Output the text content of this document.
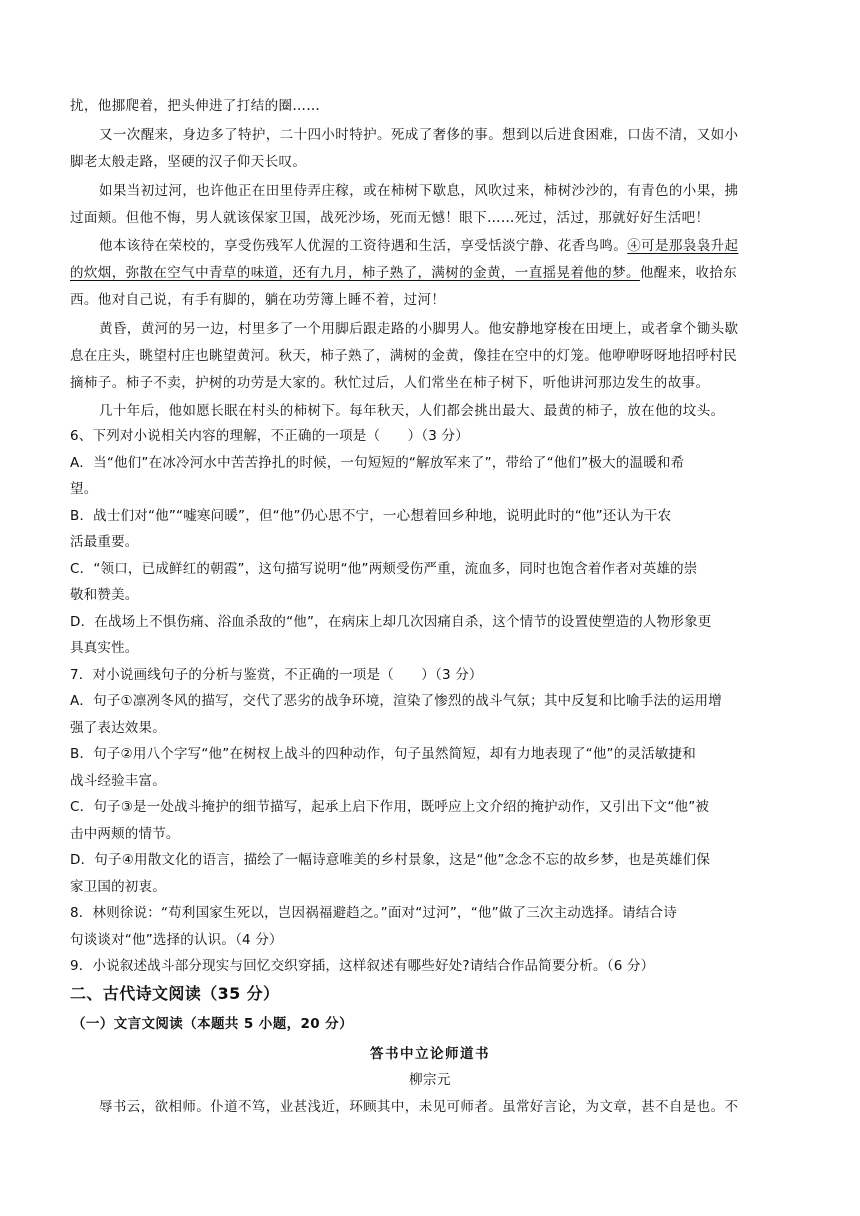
扰，他挪爬着，把头伸进了打结的圈……
又一次醒来，身边多了特护，二十四小时特护。死成了奢侈的事。想到以后进食困难，口齿不清，又如小
脚老太般走路，坚硬的汉子仰天长叹。
如果当初过河，也许他正在田里侍弄庄稼，或在柿树下歇息，风吹过来，柿树沙沙的，有青色的小果，拂
过面颊。但他不悔，男人就该保家卫国，战死沙场，死而无憾！眼下……死过，活过，那就好好生活吧！
他本该待在荣校的，享受伤残军人优渥的工资待遇和生活，享受恬淡宁静、花香鸟鸣。④可是那袅袅升起
的炊烟，弥散在空气中青草的味道，还有九月，柿子熟了，满树的金黄，一直摇晃着他的梦。他醒来，收拾东
西。他对自己说，有手有脚的，躺在功劳簿上睡不着，过河！
黄昏，黄河的另一边，村里多了一个用脚后跟走路的小脚男人。他安静地穿梭在田埂上，或者拿个锄头歇
息在庄头，眺望村庄也眺望黄河。秋天，柿子熟了，满树的金黄，像挂在空中的灯笼。他咿咿呀呀地招呼村民
摘柿子。柿子不卖，护树的功劳是大家的。秋忙过后，人们常坐在柿子树下，听他讲河那边发生的故事。
几十年后，他如愿长眠在村头的柿树下。每年秋天，人们都会挑出最大、最黄的柿子，放在他的坟头。
6、下列对小说相关内容的理解，不正确的一项是（　　）（3 分）
A．当“他们”在冰冷河水中苦苦挣扎的时候，一句短短的“解放军来了”，带给了“他们”极大的温暖和希
望。
B．战士们对“他”“嘘寒问暖”，但“他”仍心思不宁，一心想着回乡种地，说明此时的“他”还认为干农
活最重要。
C．“领口，已成鲜红的朝霞”，这句描写说明“他”两颊受伤严重，流血多，同时也饱含着作者对英雄的崇
敬和赞美。
D．在战场上不惧伤痛、浴血杀敌的“他”，在病床上却几次因痛自杀，这个情节的设置使塑造的人物形象更
具真实性。
7．对小说画线句子的分析与鉴赏，不正确的一项是（　　）（3 分）
A．句子①凛冽冬风的描写，交代了恶劣的战争环境，渲染了惨烈的战斗气氛；其中反复和比喻手法的运用增
强了表达效果。
B．句子②用八个字写“他”在树杈上战斗的四种动作，句子虽然简短，却有力地表现了“他”的灵活敏捷和
战斗经验丰富。
C．句子③是一处战斗掩护的细节描写，起承上启下作用，既呼应上文介绍的掩护动作，又引出下文“他”被
击中两颊的情节。
D．句子④用散文化的语言，描绘了一幅诗意唯美的乡村景象，这是“他”念念不忘的故乡梦，也是英雄们保
家卫国的初衷。
8．林则徐说：“苟利国家生死以，岂因祸福避趋之。”面对“过河”，“他”做了三次主动选择。请结合诗
句谈谈对“他”选择的认识。（4 分）
9．小说叙述战斗部分现实与回忆交织穿插，这样叙述有哪些好处?请结合作品简要分析。（6 分）
二、古代诗文阅读（35 分）
（一）文言文阅读（本题共 5 小题，20 分）
答书中立论师道书
柳宗元
辱书云，欲相师。仆道不笃，业甚浅近，环顾其中，未见可师者。虽常好言论，为文章，甚不自是也。不
